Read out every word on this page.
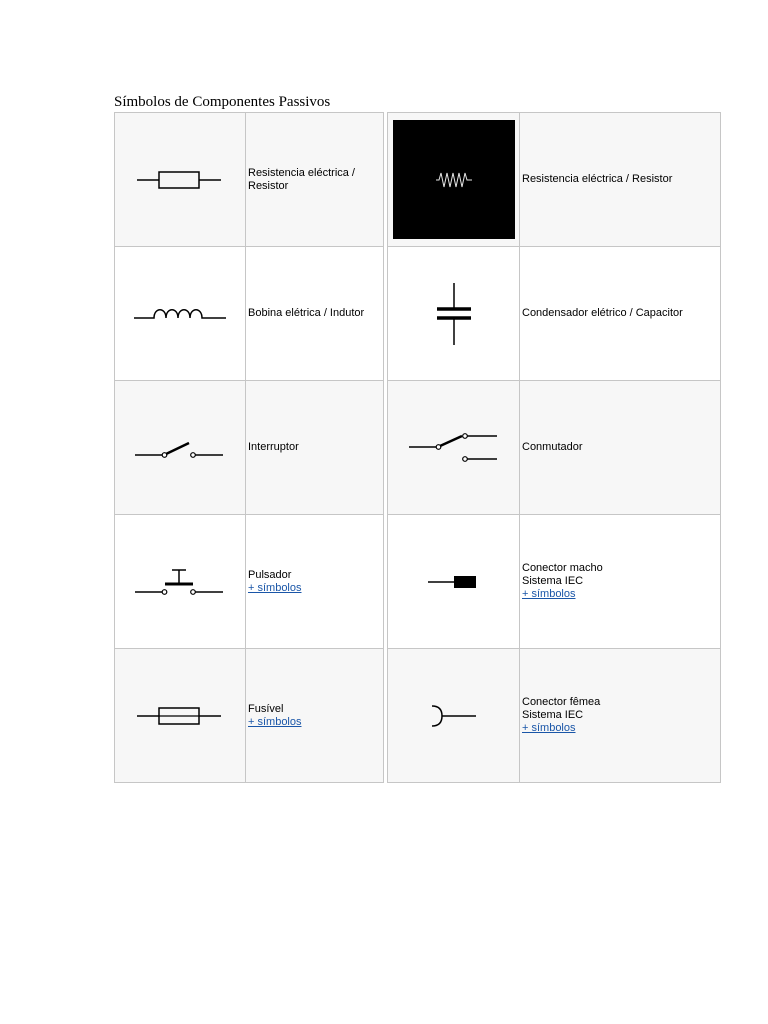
Símbolos de Componentes Passivos
Resistencia eléctrica /
Resistor
Bobina elétrica / Indutor
Interruptor
Pulsador
+ símbolos
Fusível
+ símbolos
Resistencia eléctrica / Resistor
Condensador elétrico / Capacitor
Conmutador
Conector macho
Sistema IEC
+ símbolos
Conector fêmea
Sistema IEC
+ símbolos
